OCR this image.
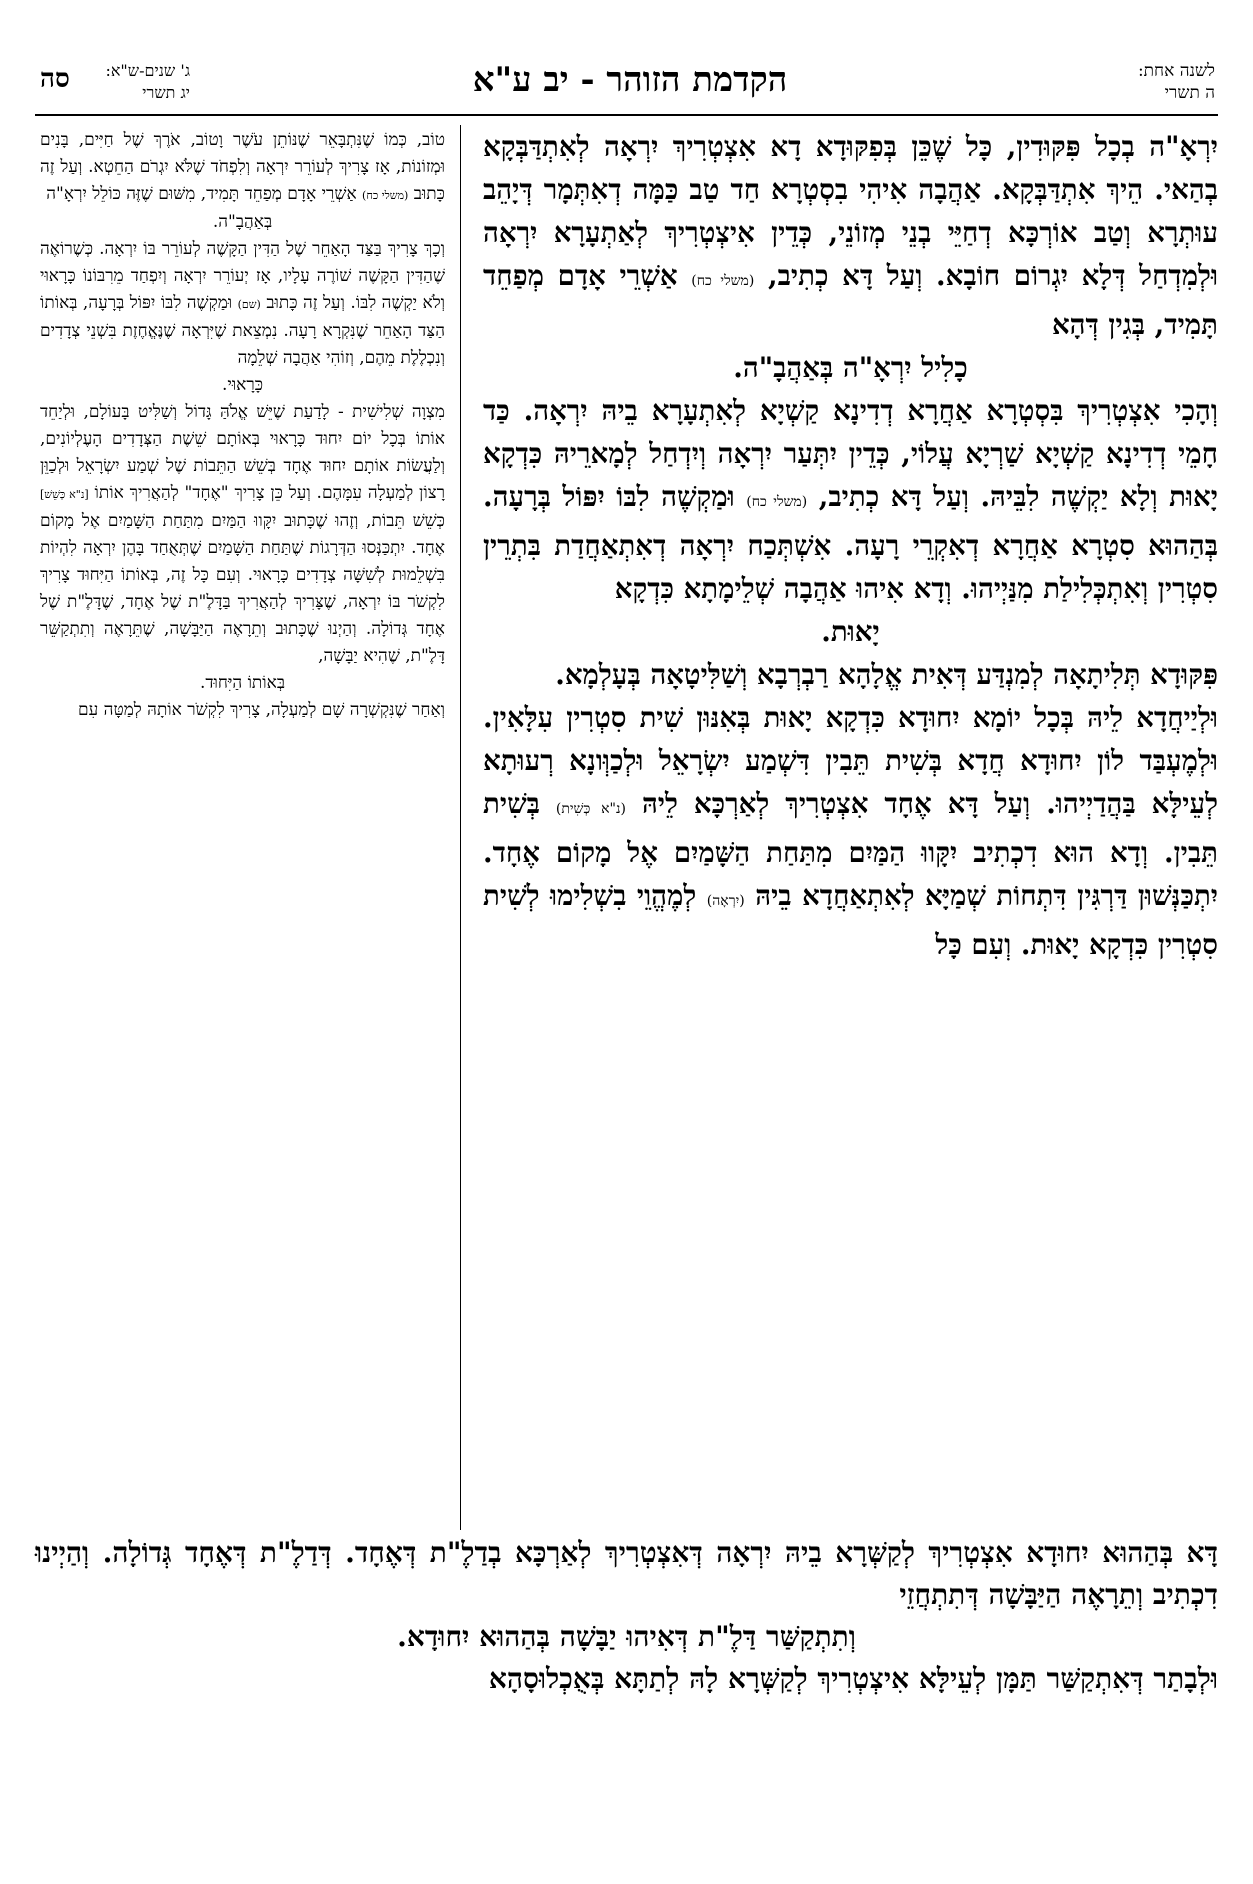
לשנה אחת:
ה תשרי
הקדמת הזוהר - יב ע"א
ג' שנים-ש"א:
יג תשרי
סה

יִרְאָ"ה בְכָל פִּקּוּדִין, כָּל שֶׁכֵּן בְּפִקּוּדָא דָא אִצְטְרִיךְ יִרְאָה לְאִתְדַּבְּקָא בְהַאי. הֵיךְ אִתְדַּבְּקָא. אַהֲבָה אִיהִי בִסְטְרָא חַד טַב כַּמָּה דְאִתְּמָר דְּיָהֵב עוּתְרָא וְטַב אוֹרְכָּא דְחַיֵּי בְנֵי מְזוֹנֵי, כְּדֵין אִיצְטְרִיךְ לְאַתְעָרָא יִרְאָה וּלְמִדְחַל דְּלָא יִגְרוֹם חוֹבָא. וְעַל דָּא כְתִיב, (משלי כח) אַשְׁרֵי אָדָם מְפַחֵד תָּמִיד, בְּגִין דְּהָא

כָלִיל יִרְאָ"ה בְּאַהֲבָ"ה.

וְהָכִי אִצְטְרִיךְ בִּסְטְרָא אַחֲרָא דְדִינָא קַשְׁיָא לְאִתְעָרָא בֵיהּ יִרְאָה. כַּד חָמֵי דְדִינָא קַשְׁיָא שַׁרְיָא עֲלוֹי, כְּדֵין יִתְּעַר יִרְאָה וְיִדְחַל לְמָארֵיהּ כִּדְקָא יָאוּת וְלָא יַקְשֶׁה לִבֵּיהּ. וְעַל דָּא כְתִיב, (משלי כח) וּמַקְשֶׁה לִבּוֹ יִפּוֹל בְּרָעָה. בְּהַהוּא סִטְרָא אַחֲרָא דְאִקְרֵי רָעָה. אִשְׁתְּכַח יִרְאָה דְאִתְאַחֲדַת בִּתְרֵין סִטְרִין וְאִתְכְּלִילַת מִנַּיְיהוּ. וְדָא אִיהוּ אַהֲבָה שְׁלֵימָתָא כִּדְקָא

יָאוּת.

פִּקּוּדָא תְּלִיתָאָה לְמִנְדַּע דְּאִית אֱלָהָא רַבְרְבָא וְשַׁלִּיטָאָה בְּעָלְמָא.

וּלְיַיחֲדָא לֵיהּ בְּכָל יוֹמָא יִחוּדָא כִּדְקָא יָאוּת בְּאִנּוּן שִׁית סִטְרִין עִלָּאִין. וּלְמֶעְבַּד לוֹן יִחוּדָא חֲדָא בְּשִׁית תֵּבִין דִּשְׁמַע יִשְׂרָאֵל וּלְכַוְּונָא רְעוּתָא לְעֵילָּא בַּהֲדַיְיהוּ. וְעַל דָּא אֶחָד אִצְטְרִיךְ לְאַרְכָּא לֵיהּ (נ"א כְּשִׁית) בְּשִׁית תֵּבִין. וְדָא הוּא דִכְתִיב יִקָּווּ הַמַּיִם מִתַּחַת הַשָּׁמַיִם אֶל מָקוֹם אֶחָד. יִתְכַּנְּשׁוּן דַּרְגִּין דִּתְחוֹת שְׁמַיָּא לְאִתְאַחֲדָא בֵיהּ (יִרְאָה) לְמֶהֱוֵי בִשְׁלִימוּ לְשִׁית סִטְרִין כִּדְקָא יָאוּת. וְעִם כָּל

טוֹב, כְּמוֹ שֶׁנִּתְבָּאֵר שֶׁנּוֹתֵן עֹשֶׁר וָטוֹב, אֹרֶךְ שֶׁל חַיִּים, בָּנִים וּמְזוֹנוֹת, אָז צָרִיךְ לְעוֹרֵר יִרְאָה וְלִפְחֹד שֶׁלֹּא יִגְרֹם הַחֵטְא. וְעַל זֶה כָּתוּב (משלי כח) אַשְׁרֵי אָדָם מְפַחֵד תָּמִיד, מִשּׁוּם שֶׁזֶּה כּוֹלֵל יִרְאָ"ה

בְּאַהֲבָ"ה.

וְכָךְ צָרִיךְ בַּצַּד הָאַחֵר שֶׁל הַדִּין הַקָּשֶׁה לְעוֹרֵר בּוֹ יִרְאָה. כְּשֶׁרוֹאֶה שֶׁהַדִּין הַקָּשֶׁה שׁוֹרֶה עָלָיו, אָז יְעוֹרֵר יִרְאָה וְיִפְחַד מֵרִבּוֹנוֹ כָּרָאוּי וְלֹא יַקְשֶׁה לִבּוֹ. וְעַל זֶה כָּתוּב (שם) וּמַקְשֶׁה לִבּוֹ יִפּוֹל בְּרָעָה, בְּאוֹתוֹ הַצַּד הָאַחֵר שֶׁנִּקְרָא רָעָה. נִמְצֵאת שֶׁיִּרְאָה שֶׁנֶּאֱחֶזֶת בִּשְׁנֵי צְדָדִים וְנִכְלֶלֶת מֵהֶם, וְזוֹהִי אַהֲבָה שְׁלֵמָה

כָּרָאוּי.

מִצְוָה שְׁלִישִׁית - לָדַעַת שֶׁיֵּשׁ אֱלֹהַּ גָּדוֹל וְשַׁלִּיט בָּעוֹלָם, וּלְיַחֵד אוֹתוֹ בְּכָל יוֹם יִחוּד כָּרָאוּי בְּאוֹתָם שֵׁשֶׁת הַצְּדָדִים הָעֶלְיוֹנִים, וְלַעֲשׂוֹת אוֹתָם יִחוּד אֶחָד בְּשֵׁשׁ הַתֵּבוֹת שֶׁל שְׁמַע יִשְׂרָאֵל וּלְכַוֵּן רָצוֹן לְמַעְלָה עִמָּהֶם. וְעַל כֵּן צָרִיךְ "אֶחָד" לְהַאֲרִיךְ אוֹתוֹ [נ"א כְּשֵׁשׁ] כְּשֵׁשׁ תֵּבוֹת, וְזֶהוּ שֶׁכָּתוּב יִקָּווּ הַמַּיִם מִתַּחַת הַשָּׁמַיִם אֶל מָקוֹם אֶחָד. יִתְכַּנְּסוּ הַדְּרָגוֹת שֶׁתַּחַת הַשָּׁמַיִם שֶׁתְּאֻחַד בָּהֶן יִרְאָה לִהְיוֹת בִּשְׁלֵמוּת לְשִׁשָּׁה צְדָדִים כָּרָאוּי. וְעִם כָּל זֶה, בְּאוֹתוֹ הַיִּחוּד צָרִיךְ לִקְשֹׁר בּוֹ יִרְאָה, שֶׁצָּרִיךְ לְהַאֲרִיךְ בַּדָּלֶ"ת שֶׁל אֶחָד, שֶׁדָּלֶ"ת שֶׁל אֶחָד גְּדוֹלָה. וְהַיְנוּ שֶׁכָּתוּב וְתֵרָאֶה הַיַּבָּשָׁה, שֶׁתֵּרָאֶה וְתִתְקַשֵּׁר דָּלֶ"ת, שֶׁהִיא יַבָּשָׁה,

בְּאוֹתוֹ הַיִּחוּד.

וְאַחַר שֶׁנִּקְשְׁרָה שָׁם לְמַעְלָה, צָרִיךְ לִקְשֹׁר אוֹתָהּ לְמַטָּה עִם

דָּא בְּהַהוּא יִחוּדָא אִצְטְרִיךְ לְקַשְּׁרָא בֵיהּ יִרְאָה דְּאִצְטְרִיךְ לְאַרְכָּא בְדַלֶ"ת דְּאֶחָד. דְּדַלֶ"ת דְּאֶחָד גְּדוֹלָה. וְהַיְינוּ דִכְתִיב וְתֵרָאֶה הַיַּבָּשָׁה דְּתִתְחֲזֵי

וְתִתְקַשַּׁר דַּלֶ"ת דְּאִיהוּ יַבָּשָׁה בְּהַהוּא יִחוּדָא.

וּלְבָתַר דְּאִתְקַשַּׁר תַּמָּן לְעֵילָּא אִיצְטְרִיךְ לְקַשְּׁרָא לָהּ לְתַתָּא בְּאֻכְלוּסָהָא
